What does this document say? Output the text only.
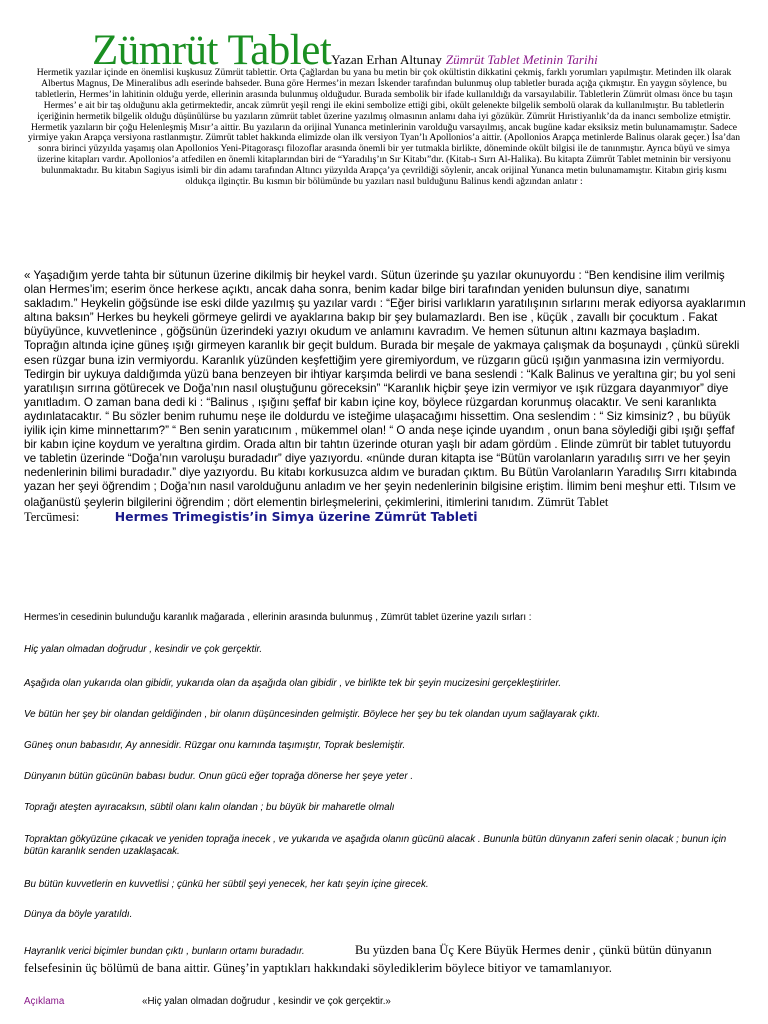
Zümrüt TabletYazan Erhan Altunay Zümrüt Tablet Metinin Tarihi
Hermetik yazılar içinde en önemlisi kuşkusuz Zümrüt tablettir. Orta Çağlardan bu yana bu metin bir çok okültistin dikkatini çekmiş, farklı yorumları yapılmıştır. Metinden ilk olarak Albertus Magnus, De Mineralibus adlı eserinde bahseder. Buna göre Hermes’in mezarı İskender tarafından bulunmuş olup tabletler burada açığa çıkmıştır. En yaygın söylence, bu tabletlerin, Hermes’in lahitinin olduğu yerde, ellerinin arasında bulunmuş olduğudur. Burada sembolik bir ifade kullanıldığı da varsayılabilir. Tabletlerin Zümrüt olması önce bu taşın Hermes’ e ait bir taş olduğunu akla getirmektedir, ancak zümrüt yeşil rengi ile ekini sembolize ettiği gibi, okült gelenekte bilgelik sembolü olarak da kullanılmıştır. Bu tabletlerin içeriğinin hermetik bilgelik olduğu düşünülürse bu yazıların zümrüt tablet üzerine yazılmış olmasının anlamı daha iyi gözükür. Zümrüt Hıristiyanlık’da da inancı sembolize etmiştir. Hermetik yazıların bir çoğu Helenleşmiş Mısır’a aittir. Bu yazıların da orijinal Yunanca metinlerinin varolduğu varsayılmış, ancak bugüne kadar eksiksiz metin bulunamamıştır. Sadece yirmiye yakın Arapça versiyona rastlanmıştır. Zümrüt tablet hakkında elimizde olan ilk versiyon Tyan’lı Apollonios’a aittir. (Apollonios Arapça metinlerde Balinus olarak geçer.) İsa’dan sonra birinci yüzyılda yaşamış olan Apollonios Yeni-Pitagorasçı filozoflar arasında önemli bir yer tutmakla birlikte, döneminde okült bilgisi ile de tanınmıştır. Ayrıca büyü ve simya üzerine kitapları vardır. Apollonios’a atfedilen en önemli kitaplarından biri de “Yaradılış’ın Sır Kitabı”dır. (Kitab-ı Sırrı Al-Halika). Bu kitapta Zümrüt Tablet metninin bir versiyonu bulunmaktadır. Bu kitabın Sagiyus isimli bir din adamı tarafından Altıncı yüzyılda Arapça’ya çevrildiği söylenir, ancak orijinal Yunanca metin bulunamamıştır. Kitabın giriş kısmı oldukça ilginçtir. Bu kısmın bir bölümünde bu yazıları nasıl bulduğunu Balinus kendi ağzından anlatır :
« Yaşadığım yerde tahta bir sütunun üzerine dikilmiş bir heykel vardı. Sütun üzerinde şu yazılar okunuyordu : “Ben kendisine ilim verilmiş olan Hermes’im; eserim önce herkese açıktı, ancak daha sonra, benim kadar bilge biri tarafından yeniden bulunsun diye, sanatımı sakladım.” Heykelin göğsünde ise eski dilde yazılmış şu yazılar vardı : “Eğer birisi varlıkların yaratılışının sırlarını merak ediyorsa ayaklarımın altına baksın” Herkes bu heykeli görmeye gelirdi ve ayaklarına bakıp bir şey bulamazlardı. Ben ise , küçük , zavallı bir çocuktum . Fakat büyüyünce, kuvvetlenince , göğsünün üzerindeki yazıyı okudum ve anlamını kavradım. Ve hemen sütunun altını kazmaya başladım. Toprağın altında içine güneş ışığı girmeyen karanlık bir geçit buldum. Burada bir meşale de yakmaya çalışmak da boşunaydı , çünkü sürekli esen rüzgar buna izin vermiyordu. Karanlık yüzünden keşfettiğim yere giremiyordum, ve rüzgarın gücü ışığın yanmasına izin vermiyordu. Tedirgin bir uykuya daldığımda yüzü bana benzeyen bir ihtiyar karşımda belirdi ve bana seslendi : “Kalk Balinus ve yeraltına gir; bu yol seni yaratılışın sırrına götürecek ve Doğa’nın nasıl oluştuğunu göreceksin” “Karanlık hiçbir şeye izin vermiyor ve ışık rüzgara dayanmıyor” diye yanıtladım. O zaman bana dedi ki : “Balinus , ışığını şeffaf bir kabın içine koy, böylece rüzgardan korunmuş olacaktır. Ve seni karanlıkta aydınlatacaktır. “ Bu sözler benim ruhumu neşe ile doldurdu ve isteğime ulaşacağımı hissettim. Ona seslendim : “ Siz kimsiniz? , bu büyük iyilik için kime minnettarım?” “ Ben senin yaratıcınım , mükemmel olan! “ O anda neşe içinde uyandım , onun bana söylediği gibi ışığı şeffaf bir kabın içine koydum ve yeraltına girdim. Orada altın bir tahtın üzerinde oturan yaşlı bir adam gördüm . Elinde zümrüt bir tablet tutuyordu ve tabletin üzerinde “Doğa’nın varoluşu buradadır” diye yazıyordu. «nünde duran kitapta ise “Bütün varolanların yaradılış sırrı ve her şeyin nedenlerinin bilimi buradadır.” diye yazıyordu. Bu kitabı korkusuzca aldım ve buradan çıktım. Bu Bütün Varolanların Yaradılış Sırrı kitabında yazan her şeyi öğrendim ; Doğa’nın nasıl varolduğunu anladım ve her şeyin nedenlerinin bilgisine eriştim. İlimim beni meşhur etti. Tılsım ve olağanüstü şeylerin bilgilerini öğrendim ; dört elementin birleşmelerini, çekimlerini, itimlerini tanıdım. Zümrüt Tablet Tercümesi:	Hermes Trimegistis’in Simya üzerine Zümrüt Tableti

Hermes’in cesedinin bulunduğu karanlık mağarada , ellerinin arasında bulunmuş , Zümrüt tablet üzerine yazılı sırları :

Hiç yalan olmadan doğrudur , kesindir ve çok gerçektir.

Aşağıda olan yukarıda olan gibidir, yukarıda olan da aşağıda olan gibidir , ve birlikte tek bir şeyin mucizesini gerçekleştirirler.

Ve bütün her şey bir olandan geldiğinden , bir olanın düşüncesinden gelmiştir. Böylece her şey bu tek olandan uyum sağlayarak çıktı.

Güneş onun babasıdır, Ay annesidir. Rüzgar onu karnında taşımıştır, Toprak beslemiştir.

Dünyanın bütün gücünün babası budur. Onun gücü eğer toprağa dönerse her şeye yeter .

Toprağı ateşten ayıracaksın, sübtil olanı kalın olandan ; bu büyük bir maharetle olmalı

Topraktan gökyüzüne çıkacak ve yeniden toprağa inecek , ve yukarıda ve aşağıda olanın gücünü alacak . Bununla bütün dünyanın zaferi senin olacak ; bunun için bütün karanlık senden uzaklaşacak.

Bu bütün kuvvetlerin en kuvvetlisi ; çünkü her sübtil şeyi yenecek, her katı şeyin içine girecek.

Dünya da böyle yaratıldı.

Hayranlık verici biçimler bundan çıktı , bunların ortamı buradadır.	Bu yüzden bana Üç Kere Büyük Hermes denir , çünkü bütün dünyanın felsefesinin üç bölümü de bana aittir. Güneş’in yaptıkları hakkındaki söylediklerim böylece bitiyor ve tamamlanıyor.
Açıklama	«Hiç yalan olmadan doğrudur , kesindir ve çok gerçektir.»
